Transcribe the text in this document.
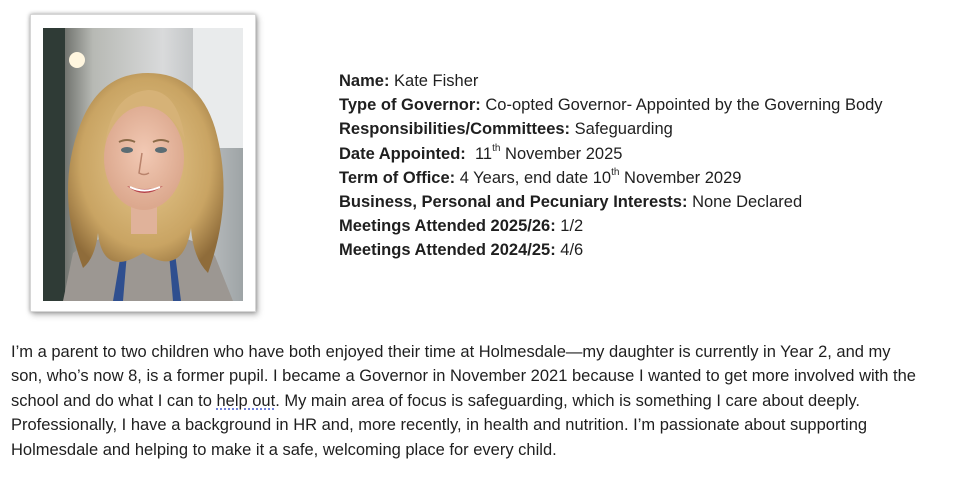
Name: Kate Fisher
Type of Governor: Co-opted Governor- Appointed by the Governing Body
Responsibilities/Committees: Safeguarding
Date Appointed: 11th November 2025
Term of Office: 4 Years, end date 10th November 2029
Business, Personal and Pecuniary Interests: None Declared
Meetings Attended 2025/26: 1/2
Meetings Attended 2024/25: 4/6

I’m a parent to two children who have both enjoyed their time at Holmesdale—my daughter is currently in Year 2, and my son, who’s now 8, is a former pupil. I became a Governor in November 2021 because I wanted to get more involved with the school and do what I can to help out. My main area of focus is safeguarding, which is something I care about deeply. Professionally, I have a background in HR and, more recently, in health and nutrition. I’m passionate about supporting Holmesdale and helping to make it a safe, welcoming place for every child.
